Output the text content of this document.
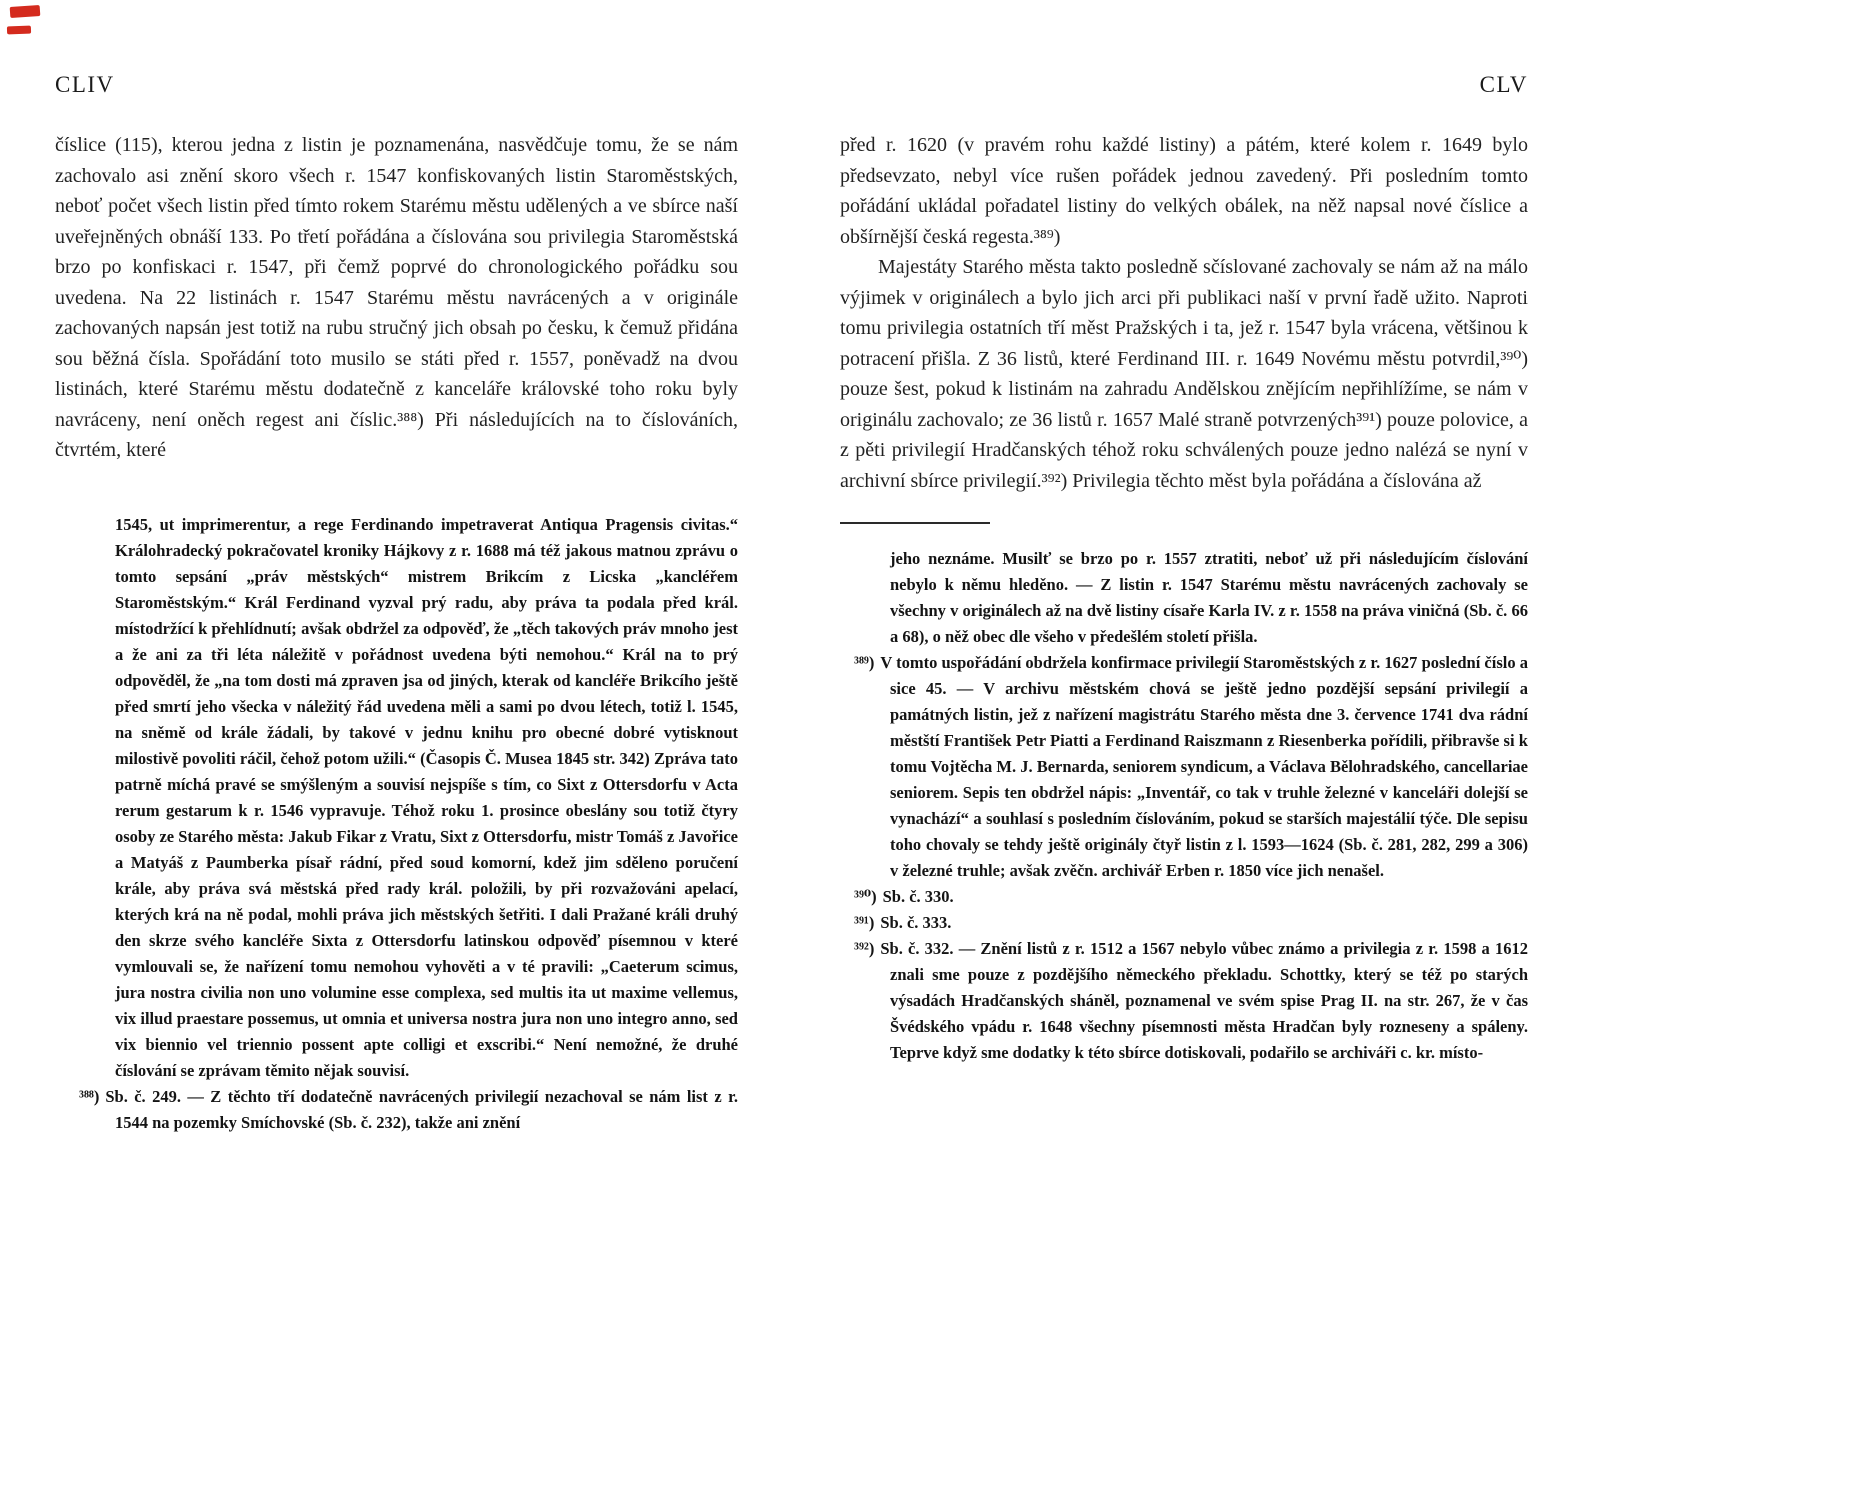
CLIV

číslice (115), kterou jedna z listin je poznamenána, nasvědčuje tomu, že se nám zachovalo asi znění skoro všech r. 1547 konfiskovaných listin Staroměstských, neboť počet všech listin před tímto rokem Starému městu udělených a ve sbírce naší uveřejněných obnáší 133. Po třetí pořádána a číslována sou privilegia Staroměstská brzo po konfiskaci r. 1547, při čemž poprvé do chronologického pořádku sou uvedena. Na 22 listinách r. 1547 Starému městu navrácených a v originále zachovaných napsán jest totiž na rubu stručný jich obsah po česku, k čemuž přidána sou běžná čísla. Spořádání toto musilo se státi před r. 1557, poněvadž na dvou listinách, které Starému městu dodatečně z kanceláře královské toho roku byly navráceny, není oněch regest ani číslic.³⁸⁸) Při následujících na to číslováních, čtvrtém, které

1545, ut imprimerentur, a rege Ferdinando impetraverat Antiqua Pragensis civitas.“ Králohradecký pokračovatel kroniky Hájkovy z r. 1688 má též jakous matnou zprávu o tomto sepsání „práv městských“ mistrem Brikcím z Licska „kancléřem Staroměstským.“ Král Ferdinand vyzval prý radu, aby práva ta podala před král. místodržící k přehlídnutí; avšak obdržel za odpověď, že „těch takových práv mnoho jest a že ani za tři léta náležitě v pořádnost uvedena býti nemohou.“ Král na to prý odpověděl, že „na tom dosti má zpraven jsa od jiných, kterak od kancléře Brikcího ještě před smrtí jeho všecka v náležitý řád uvedena měli a sami po dvou létech, totiž l. 1545, na sněmě od krále žádali, by takové v jednu knihu pro obecné dobré vytisknout milostivě povoliti ráčil, čehož potom užili.“ (Časopis Č. Musea 1845 str. 342) Zpráva tato patrně míchá pravé se smýšleným a souvisí nejspíše s tím, co Sixt z Ottersdorfu v Acta rerum gestarum k r. 1546 vypravuje. Téhož roku 1. prosince obeslány sou totiž čtyry osoby ze Starého města: Jakub Fikar z Vratu, Sixt z Ottersdorfu, mistr Tomáš z Javořice a Matyáš z Paumberka písař rádní, před soud komorní, kdež jim sděleno poručení krále, aby práva svá městská před rady král. položili, by při rozvažováni apelací, kterých krá na ně podal, mohli práva jich městských šetřiti. I dali Pražané králi druhý den skrze svého kancléře Sixta z Ottersdorfu latinskou odpověď písemnou v které vymlouvali se, že nařízení tomu nemohou vyhověti a v té pravili: „Caeterum scimus, jura nostra civilia non uno volumine esse complexa, sed multis ita ut maxime vellemus, vix illud praestare possemus, ut omnia et universa nostra jura non uno integro anno, sed vix biennio vel triennio possent apte colligi et exscribi.“ Není nemožné, že druhé číslování se zprávam těmito nějak souvisí.

³⁸⁸) Sb. č. 249. — Z těchto tří dodatečně navrácených privilegií nezachoval se nám list z r. 1544 na pozemky Smíchovské (Sb. č. 232), takže ani znění

CLV

před r. 1620 (v pravém rohu každé listiny) a pátém, které kolem r. 1649 bylo předsevzato, nebyl více rušen pořádek jednou zavedený. Při posledním tomto pořádání ukládal pořadatel listiny do velkých obálek, na něž napsal nové číslice a obšírnější česká regesta.³⁸⁹)

Majestáty Starého města takto posledně sčíslované zachovaly se nám až na málo výjimek v originálech a bylo jich arci při publikaci naší v první řadě užito. Naproti tomu privilegia ostatních tří měst Pražských i ta, jež r. 1547 byla vrácena, většinou k potracení přišla. Z 36 listů, které Ferdinand III. r. 1649 Novému městu potvrdil,³⁹⁰) pouze šest, pokud k listinám na zahradu Andělskou znějícím nepřihlížíme, se nám v originálu zachovalo; ze 36 listů r. 1657 Malé straně potvrzených³⁹¹) pouze polovice, a z pěti privilegií Hradčanských téhož roku schválených pouze jedno nalézá se nyní v archivní sbírce privilegií.³⁹²) Privilegia těchto měst byla pořádána a číslována až

jeho neznáme. Musilť se brzo po r. 1557 ztratiti, neboť už při následujícím číslování nebylo k němu hleděno. — Z listin r. 1547 Starému městu navrácených zachovaly se všechny v originálech až na dvě listiny císaře Karla IV. z r. 1558 na práva viničná (Sb. č. 66 a 68), o něž obec dle všeho v předešlém století přišla.

³⁸⁹) V tomto uspořádání obdržela konfirmace privilegií Staroměstských z r. 1627 poslední číslo a sice 45. — V archivu městském chová se ještě jedno pozdější sepsání privilegií a památných listin, jež z nařízení magistrátu Starého města dne 3. července 1741 dva rádní městští František Petr Piatti a Ferdinand Raiszmann z Riesenberka pořídili, přibravše si k tomu Vojtěcha M. J. Bernarda, seniorem syndicum, a Václava Bělohradského, cancellariae seniorem. Sepis ten obdržel nápis: „Inventář, co tak v truhle železné v kanceláři dolejší se vynachází“ a souhlasí s posledním číslováním, pokud se starších majestálií týče. Dle sepisu toho chovaly se tehdy ještě originály čtyř listin z l. 1593—1624 (Sb. č. 281, 282, 299 a 306) v železné truhle; avšak zvěčn. archivář Erben r. 1850 více jich nenašel.

³⁹⁰) Sb. č. 330.

³⁹¹) Sb. č. 333.

³⁹²) Sb. č. 332. — Znění listů z r. 1512 a 1567 nebylo vůbec známo a privilegia z r. 1598 a 1612 znali sme pouze z pozdějšího německého překladu. Schottky, který se též po starých výsadách Hradčanských sháněl, poznamenal ve svém spise Prag II. na str. 267, že v čas Švédského vpádu r. 1648 všechny písemnosti města Hradčan byly rozneseny a spáleny. Teprve když sme dodatky k této sbírce dotiskovali, podařilo se archiváři c. kr. místo-
